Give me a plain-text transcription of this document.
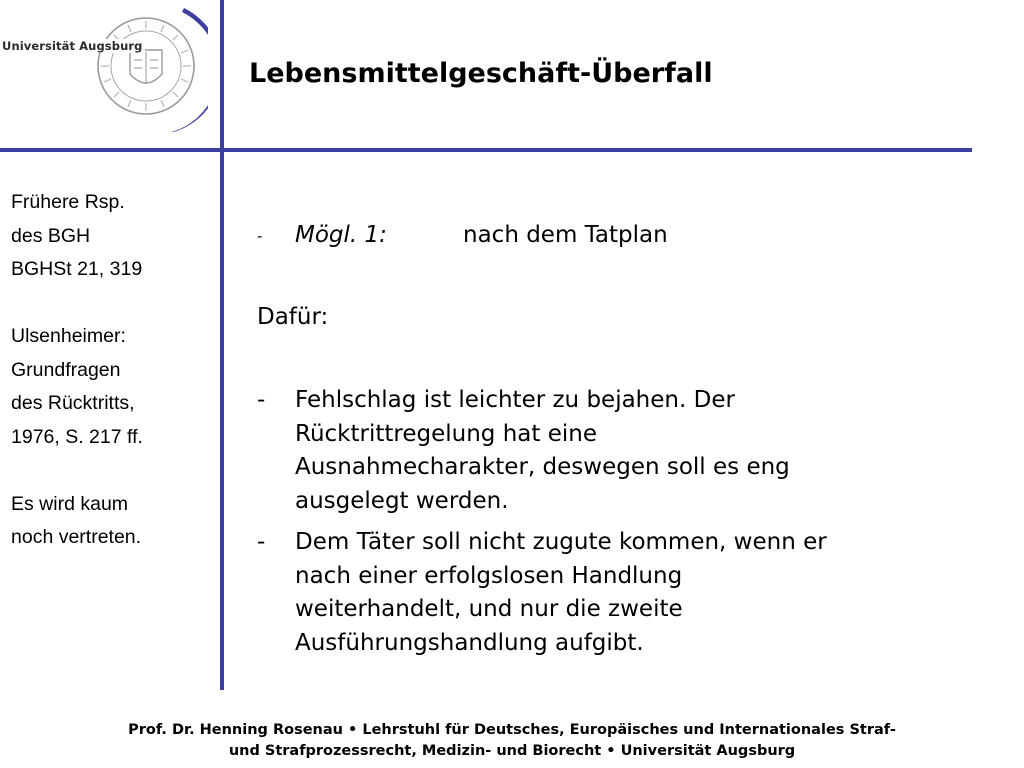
Universität Augsburg
Lebensmittelgeschäft-Überfall
Frühere Rsp.
des BGH
BGHSt 21, 319
Ulsenheimer:
Grundfragen
des Rücktritts,
1976, S. 217 ff.
Es wird kaum
noch vertreten.
- Mögl. 1:	nach dem Tatplan
Dafür:
- Fehlschlag ist leichter zu bejahen. Der
Rücktrittregelung hat eine
Ausnahmecharakter, deswegen soll es eng
ausgelegt werden.
- Dem Täter soll nicht zugute kommen, wenn er
nach einer erfolgslosen Handlung
weiterhandelt, und nur die zweite
Ausführungshandlung aufgibt.
Prof. Dr. Henning Rosenau • Lehrstuhl für Deutsches, Europäisches und Internationales Straf-
und Strafprozessrecht, Medizin- und Biorecht • Universität Augsburg
